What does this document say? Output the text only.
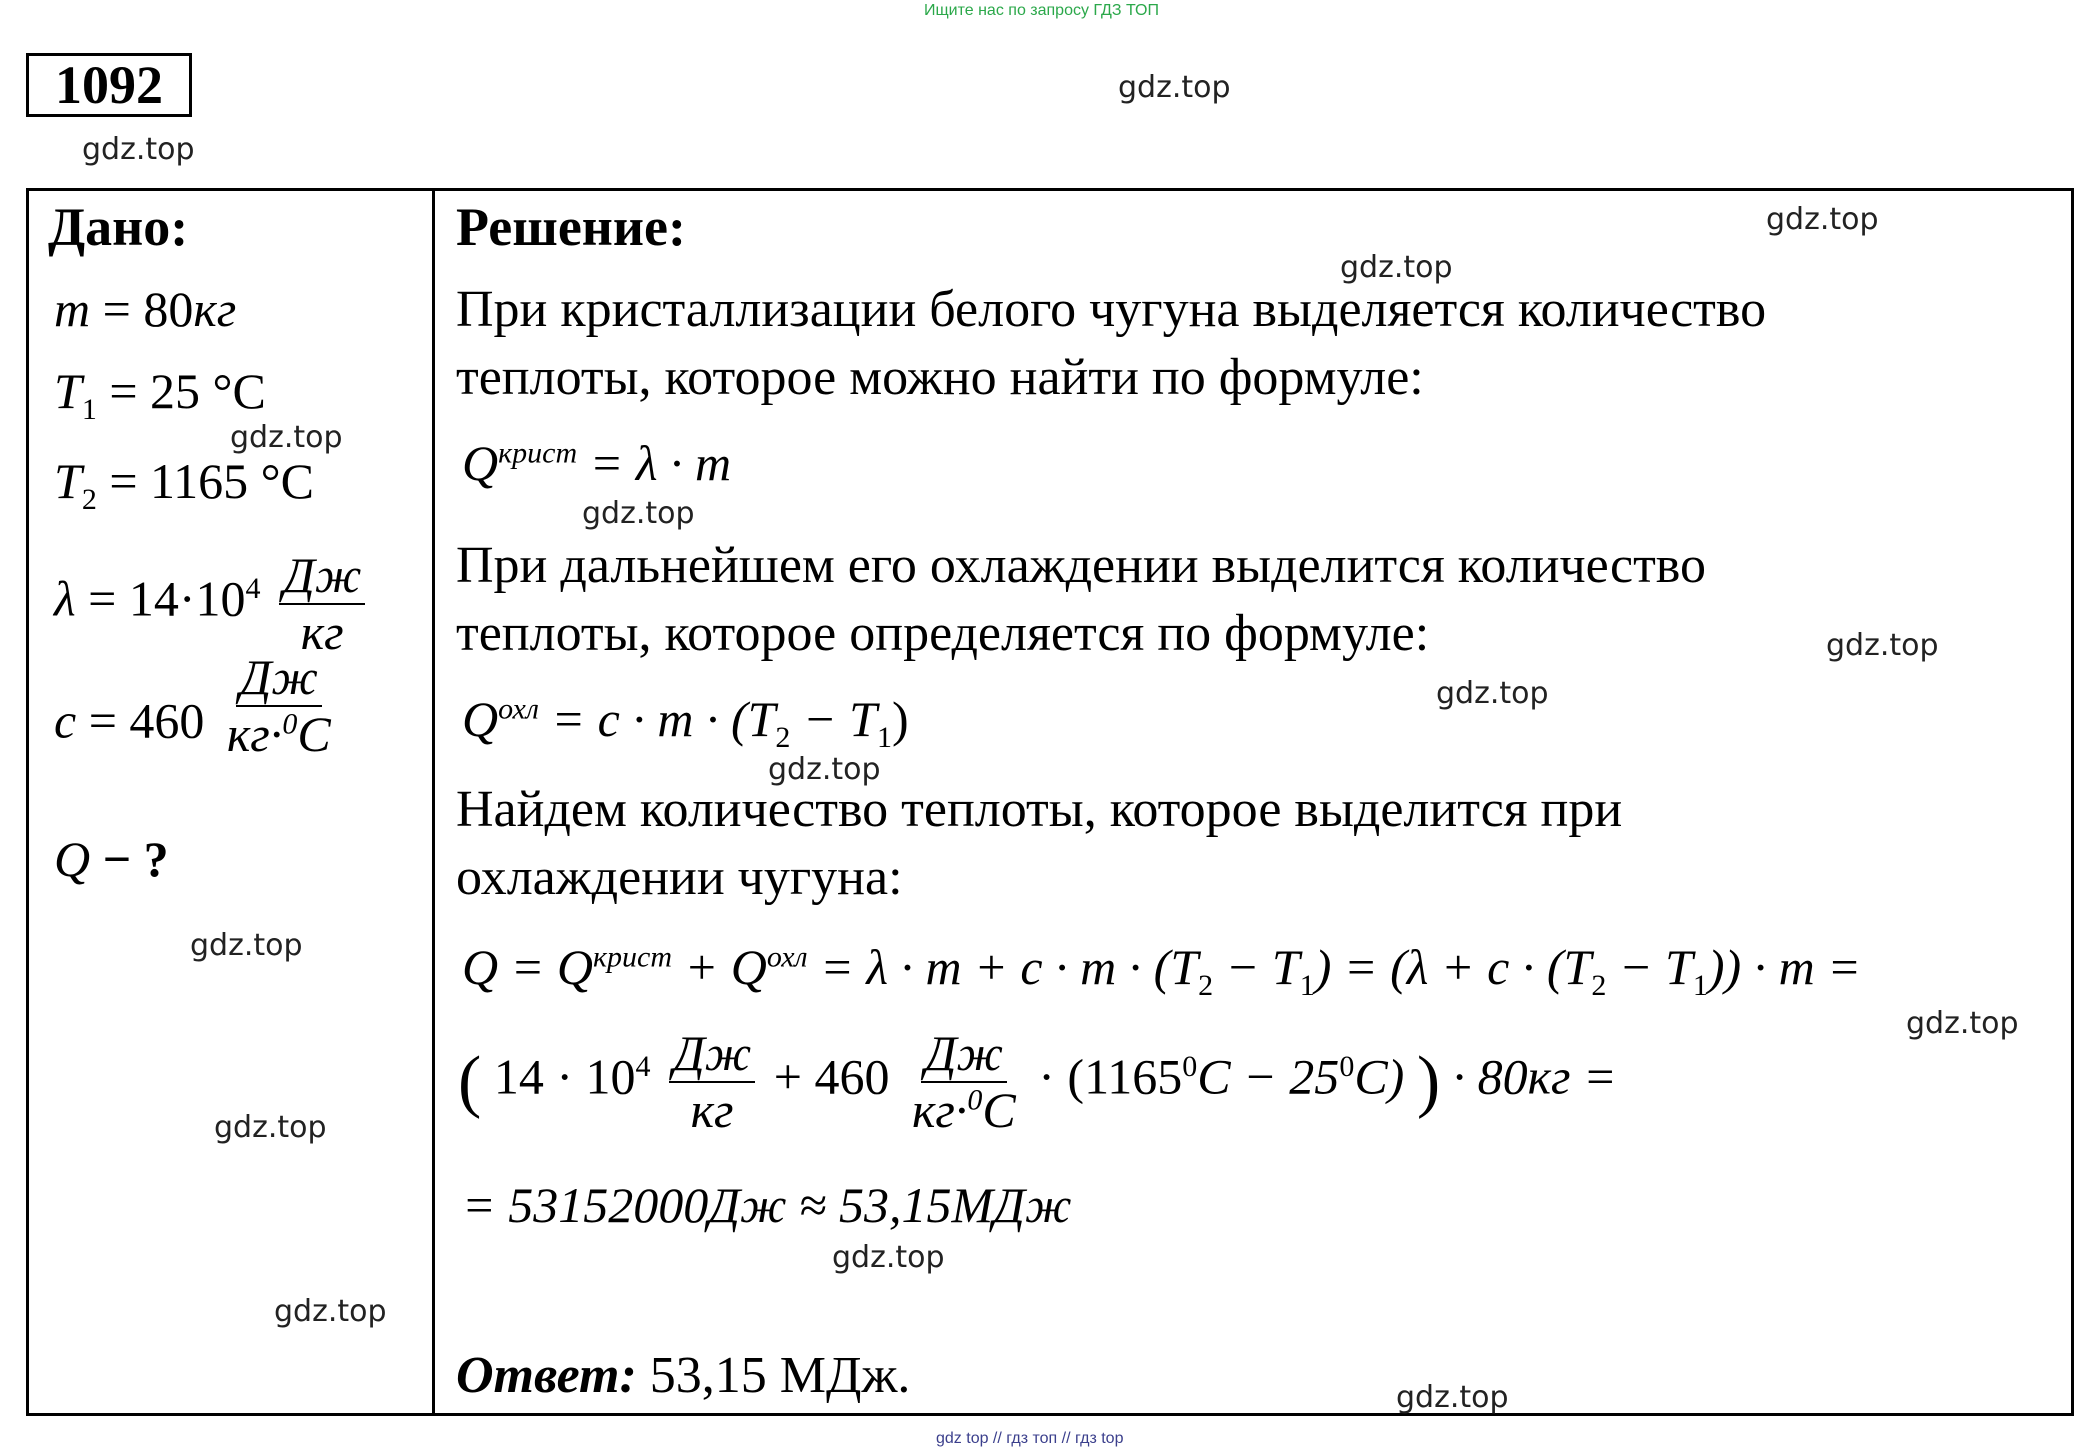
Ищите нас по запросу ГДЗ ТОП
1092
Дано:
m = 80кг
$T_1 = 25$ °C
$T_2 = 1165$ °C
$\lambda = 14\cdot 10^4 \frac{Дж}{кг}$
$c = 460 \frac{Дж}{кг\cdot^0C}$
Q − ?
Решение:
При кристаллизации белого чугуна выделяется количество
теплоты, которое можно найти по формуле:
$Q^{крист} = \lambda \cdot m$
При дальнейшем его охлаждении выделится количество
теплоты, которое определяется по формуле:
$Q^{охл} = c \cdot m \cdot (T_2 - T_1)$
Найдем количество теплоты, которое выделится при
охлаждении чугуна:
$Q = Q^{крист} + Q^{охл} = \lambda \cdot m + c \cdot m \cdot (T_2 - T_1) = (\lambda + c \cdot (T_2 - T_1)) \cdot m$ =
( $14 \cdot 10^4 \frac{Дж}{кг} + 460 \frac{Дж}{кг\cdot^0C} \cdot (1165^0C - 25^0C)$ ) · 80кг =
= 53152000Дж ≈ 53,15МДж
Ответ: 53,15 МДж.
gdz.top
gdz.top
gdz.top
gdz.top
gdz.top
gdz.top
gdz.top
gdz.top
gdz.top
gdz.top
gdz.top
gdz.top
gdz.top
gdz.top
gdz.top
gdz top // гдз топ // гдз top
